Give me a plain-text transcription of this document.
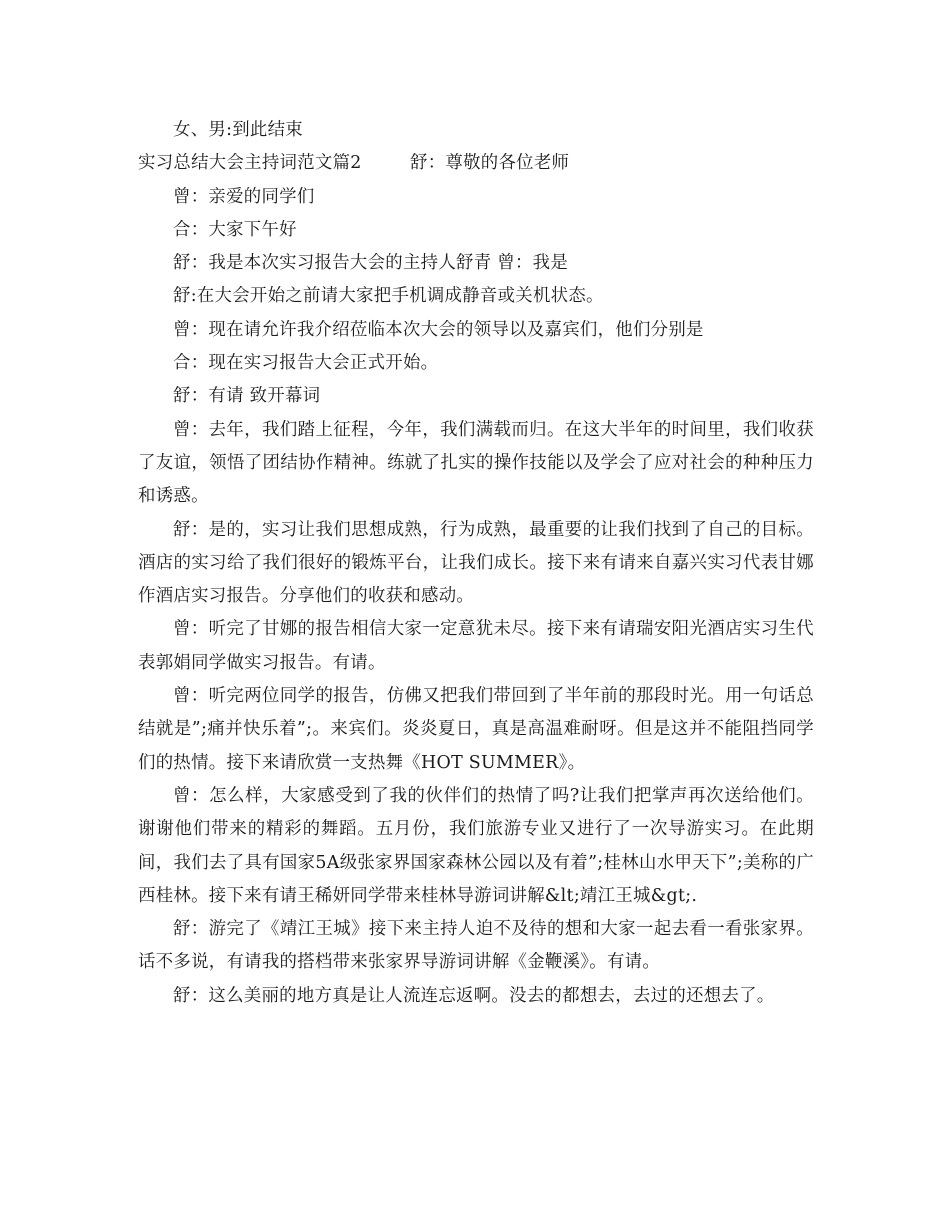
女、男:到此结束
实习总结大会主持词范文篇2	舒：尊敬的各位老师
曾：亲爱的同学们
合：大家下午好
舒：我是本次实习报告大会的主持人舒青 曾：我是
舒:在大会开始之前请大家把手机调成静音或关机状态。
曾：现在请允许我介绍莅临本次大会的领导以及嘉宾们，他们分别是
合：现在实习报告大会正式开始。
舒：有请 致开幕词

曾：去年，我们踏上征程，今年，我们满载而归。在这大半年的时间里，我们收获了友谊，领悟了团结协作精神。练就了扎实的操作技能以及学会了应对社会的种种压力和诱惑。

舒：是的，实习让我们思想成熟，行为成熟，最重要的让我们找到了自己的目标。酒店的实习给了我们很好的锻炼平台，让我们成长。接下来有请来自嘉兴实习代表甘娜作酒店实习报告。分享他们的收获和感动。

曾：听完了甘娜的报告相信大家一定意犹未尽。接下来有请瑞安阳光酒店实习生代表郭娟同学做实习报告。有请。

曾：听完两位同学的报告，仿佛又把我们带回到了半年前的那段时光。用一句话总结就是”;痛并快乐着”;。来宾们。炎炎夏日，真是高温难耐呀。但是这并不能阻挡同学们的热情。接下来请欣赏一支热舞《HOT SUMMER》。

曾：怎么样，大家感受到了我的伙伴们的热情了吗?让我们把掌声再次送给他们。谢谢他们带来的精彩的舞蹈。五月份，我们旅游专业又进行了一次导游实习。在此期间，我们去了具有国家5A级张家界国家森林公园以及有着”;桂林山水甲天下”;美称的广西桂林。接下来有请王稀妍同学带来桂林导游词讲解&lt;靖江王城&gt;.

舒：游完了《靖江王城》接下来主持人迫不及待的想和大家一起去看一看张家界。话不多说，有请我的搭档带来张家界导游词讲解《金鞭溪》。有请。

舒：这么美丽的地方真是让人流连忘返啊。没去的都想去，去过的还想去了。
